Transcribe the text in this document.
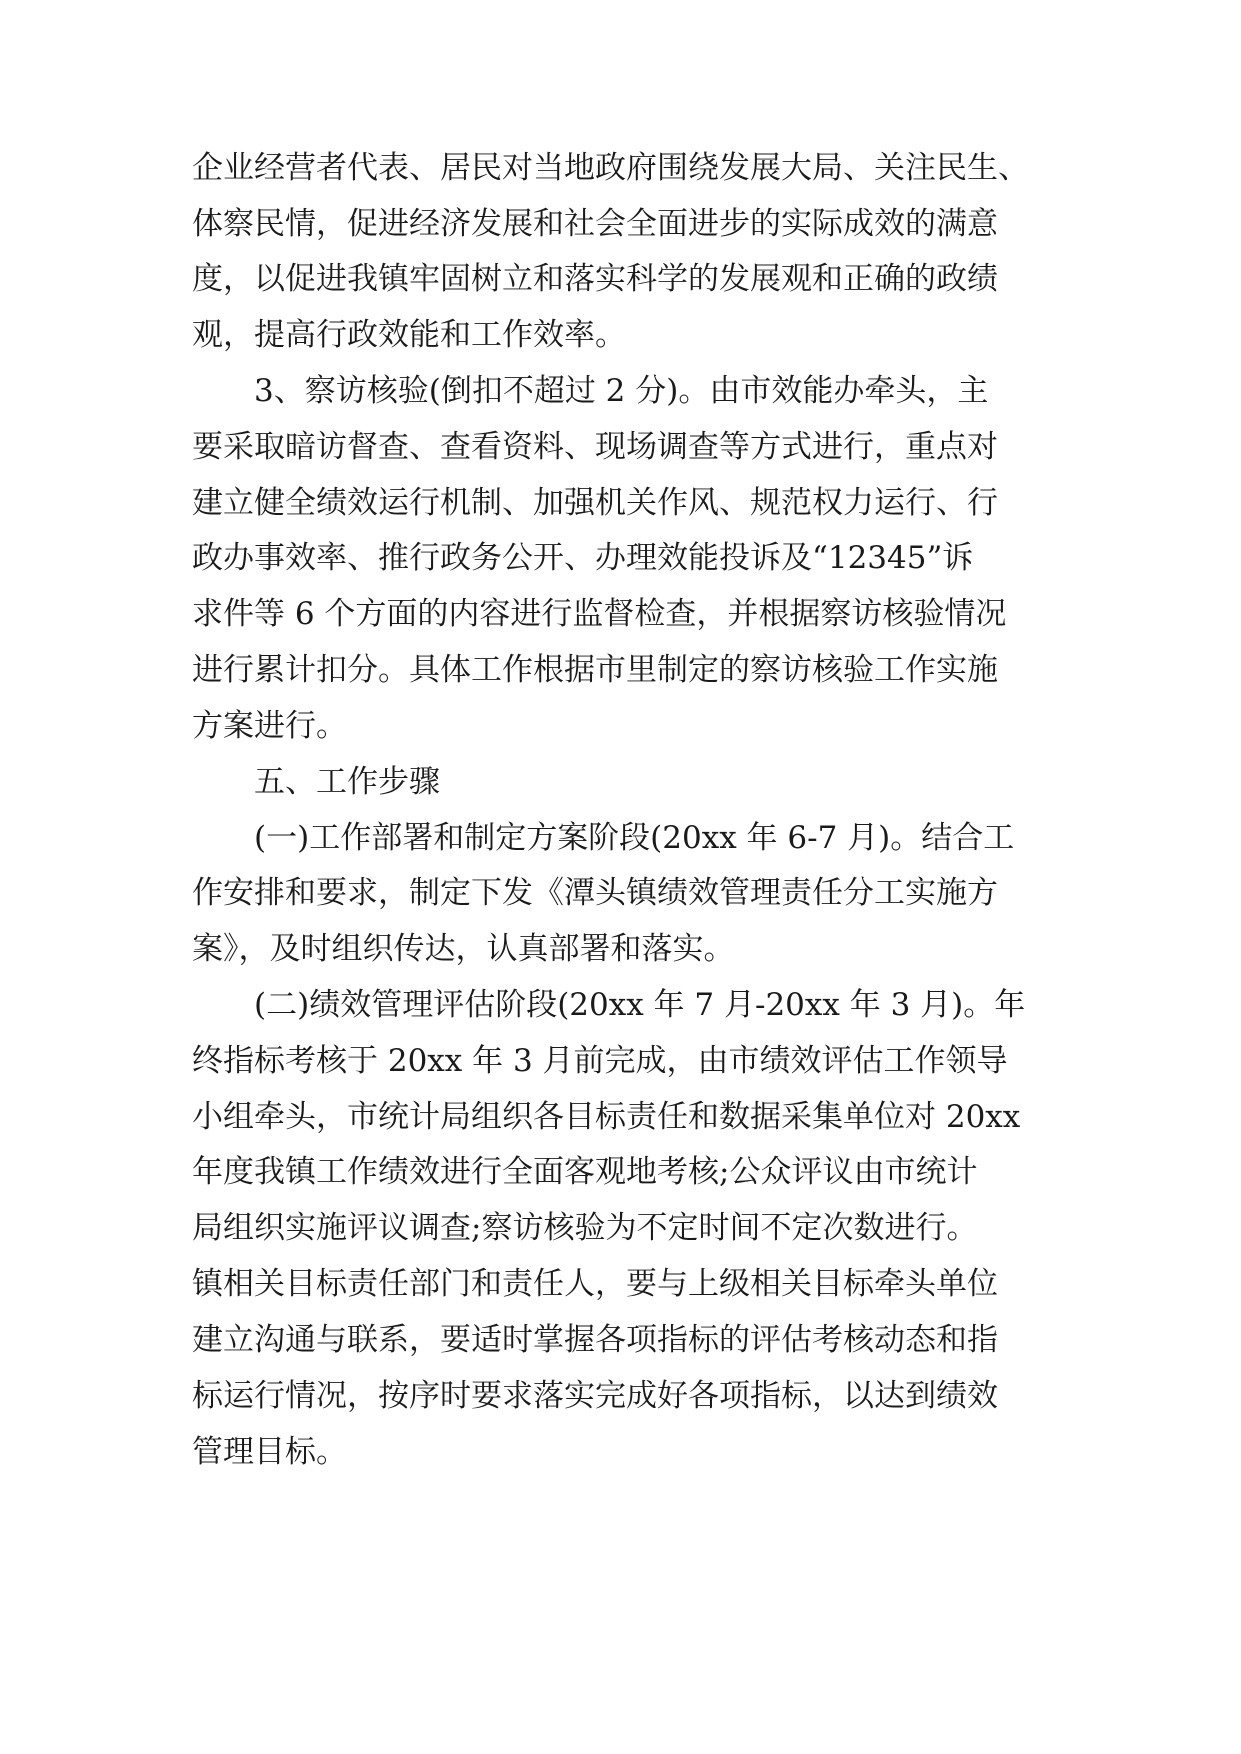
企业经营者代表、居民对当地政府围绕发展大局、关注民生、
体察民情，促进经济发展和社会全面进步的实际成效的满意
度，以促进我镇牢固树立和落实科学的发展观和正确的政绩
观，提高行政效能和工作效率。
3、察访核验(倒扣不超过 2 分)。由市效能办牵头，主
要采取暗访督查、查看资料、现场调查等方式进行，重点对
建立健全绩效运行机制、加强机关作风、规范权力运行、行
政办事效率、推行政务公开、办理效能投诉及“12345”诉
求件等 6 个方面的内容进行监督检查，并根据察访核验情况
进行累计扣分。具体工作根据市里制定的察访核验工作实施
方案进行。
五、工作步骤
(一)工作部署和制定方案阶段(20xx 年 6-7 月)。结合工
作安排和要求，制定下发《潭头镇绩效管理责任分工实施方
案》，及时组织传达，认真部署和落实。
(二)绩效管理评估阶段(20xx 年 7 月-20xx 年 3 月)。年
终指标考核于 20xx 年 3 月前完成，由市绩效评估工作领导
小组牵头，市统计局组织各目标责任和数据采集单位对 20xx
年度我镇工作绩效进行全面客观地考核;公众评议由市统计
局组织实施评议调查;察访核验为不定时间不定次数进行。
镇相关目标责任部门和责任人，要与上级相关目标牵头单位
建立沟通与联系，要适时掌握各项指标的评估考核动态和指
标运行情况，按序时要求落实完成好各项指标，以达到绩效
管理目标。
